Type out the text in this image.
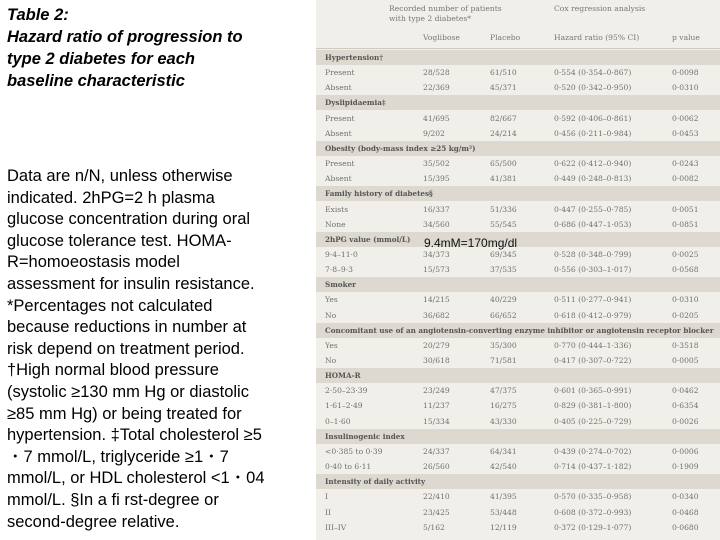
Table 2:
Hazard ratio of progression to
type 2 diabetes for each
baseline characteristic
Data are n/N, unless otherwise
indicated. 2hPG=2 h plasma
glucose concentration during oral
glucose tolerance test. HOMA-
R=homoeostasis model
assessment for insulin resistance.
*Percentages not calculated
because reductions in number at
risk depend on treatment period.
†High normal blood pressure
(systolic ≥130 mm Hg or diastolic
≥85 mm Hg) or being treated for
hypertension. ‡Total cholesterol ≥5
・7 mmol/L, triglyceride ≥1・7
mmol/L, or HDL cholesterol <1・04
mmol/L. §In a fi rst-degree or
second-degree relative.
Recorded number of patients
with type 2 diabetes*
Cox regression analysis
Voglibose	Placebo	Hazard ratio (95% CI)	p value
Hypertension†
Present	28/528	61/510	0·554 (0·354–0·867)	0·0098
Absent	22/369	45/371	0·520 (0·342–0·950)	0·0310
Dyslipidaemia‡
Present	41/695	82/667	0·592 (0·406–0·861)	0·0062
Absent	9/202	24/214	0·456 (0·211–0·984)	0·0453
Obesity (body-mass index ≥25 kg/m²)
Present	35/502	65/500	0·622 (0·412–0·940)	0·0243
Absent	15/395	41/381	0·449 (0·248–0·813)	0·0082
Family history of diabetes§
Exists	16/337	51/336	0·447 (0·255–0·785)	0·0051
None	34/560	55/545	0·686 (0·447–1·053)	0·0851
2hPG value (mmol/L)
9·4–11·0	34/373	69/345	0·528 (0·348–0·799)	0·0025
7·8–9·3	15/573	37/535	0·556 (0·303–1·017)	0·0568
Smoker
Yes	14/215	40/229	0·511 (0·277–0·941)	0·0310
No	36/682	66/652	0·618 (0·412–0·979)	0·0205
Concomitant use of an angiotensin-converting enzyme inhibitor or angiotensin receptor blocker
Yes	20/279	35/300	0·770 (0·444–1·336)	0·3518
No	30/618	71/581	0·417 (0·307–0·722)	0·0005
HOMA-R
2·50–23·39	23/249	47/375	0·601 (0·365–0·991)	0·0462
1·61–2·49	11/237	16/275	0·829 (0·381–1·800)	0·6354
0–1·60	15/334	43/330	0·405 (0·225–0·729)	0·0026
Insulinogenic index
<0·385 to 0·39	24/337	64/341	0·439 (0·274–0·702)	0·0006
0·40 to 6·11	26/560	42/540	0·714 (0·437–1·182)	0·1909
Intensity of daily activity
I	22/410	41/395	0·570 (0·335–0·958)	0·0340
II	23/425	53/448	0·608 (0·372–0·993)	0·0468
III–IV	5/162	12/119	0·372 (0·129–1·077)	0·0680
9.4mM=170mg/dl
